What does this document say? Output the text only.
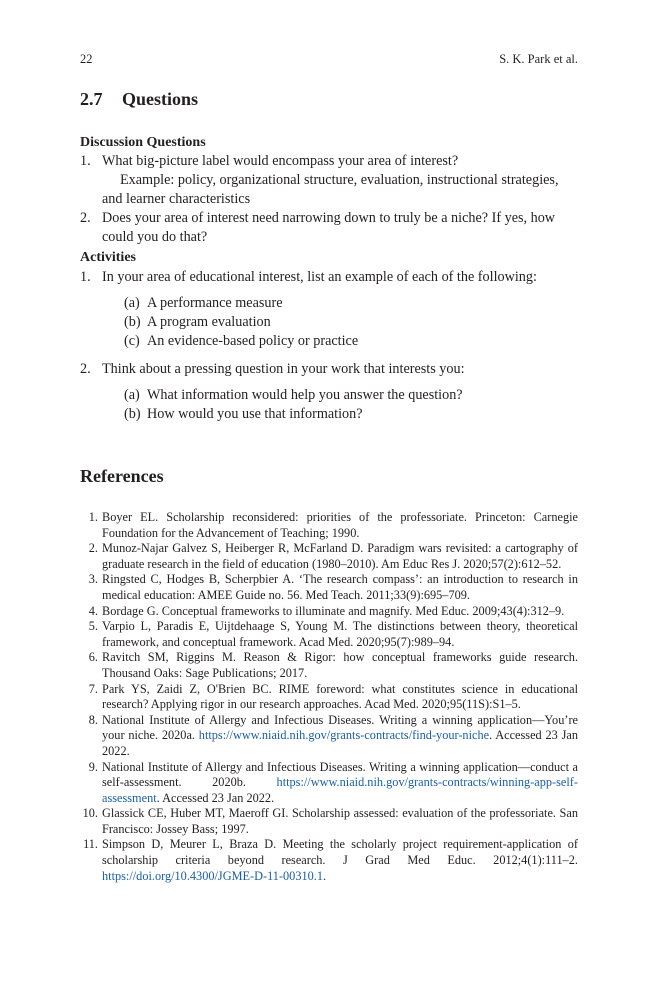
22	S. K. Park et al.
2.7 Questions
Discussion Questions
1. What big-picture label would encompass your area of interest?
Example: policy, organizational structure, evaluation, instructional strategies, and learner characteristics
2. Does your area of interest need narrowing down to truly be a niche? If yes, how could you do that?
Activities
1. In your area of educational interest, list an example of each of the following:
(a) A performance measure
(b) A program evaluation
(c) An evidence-based policy or practice
2. Think about a pressing question in your work that interests you:
(a) What information would help you answer the question?
(b) How would you use that information?
References
1. Boyer EL. Scholarship reconsidered: priorities of the professoriate. Princeton: Carnegie Foundation for the Advancement of Teaching; 1990.
2. Munoz-Najar Galvez S, Heiberger R, McFarland D. Paradigm wars revisited: a cartography of graduate research in the field of education (1980–2010). Am Educ Res J. 2020;57(2):612–52.
3. Ringsted C, Hodges B, Scherpbier A. ‘The research compass’: an introduction to research in medical education: AMEE Guide no. 56. Med Teach. 2011;33(9):695–709.
4. Bordage G. Conceptual frameworks to illuminate and magnify. Med Educ. 2009;43(4):312–9.
5. Varpio L, Paradis E, Uijtdehaage S, Young M. The distinctions between theory, theoretical framework, and conceptual framework. Acad Med. 2020;95(7):989–94.
6. Ravitch SM, Riggins M. Reason & Rigor: how conceptual frameworks guide research. Thousand Oaks: Sage Publications; 2017.
7. Park YS, Zaidi Z, O'Brien BC. RIME foreword: what constitutes science in educational research? Applying rigor in our research approaches. Acad Med. 2020;95(11S):S1–5.
8. National Institute of Allergy and Infectious Diseases. Writing a winning application—You’re your niche. 2020a. https://www.niaid.nih.gov/grants-contracts/find-your-niche. Accessed 23 Jan 2022.
9. National Institute of Allergy and Infectious Diseases. Writing a winning application—conduct a self-assessment. 2020b. https://www.niaid.nih.gov/grants-contracts/winning-app-self-assessment. Accessed 23 Jan 2022.
10. Glassick CE, Huber MT, Maeroff GI. Scholarship assessed: evaluation of the professoriate. San Francisco: Jossey Bass; 1997.
11. Simpson D, Meurer L, Braza D. Meeting the scholarly project requirement-application of scholarship criteria beyond research. J Grad Med Educ. 2012;4(1):111–2. https://doi.org/10.4300/JGME-D-11-00310.1.
